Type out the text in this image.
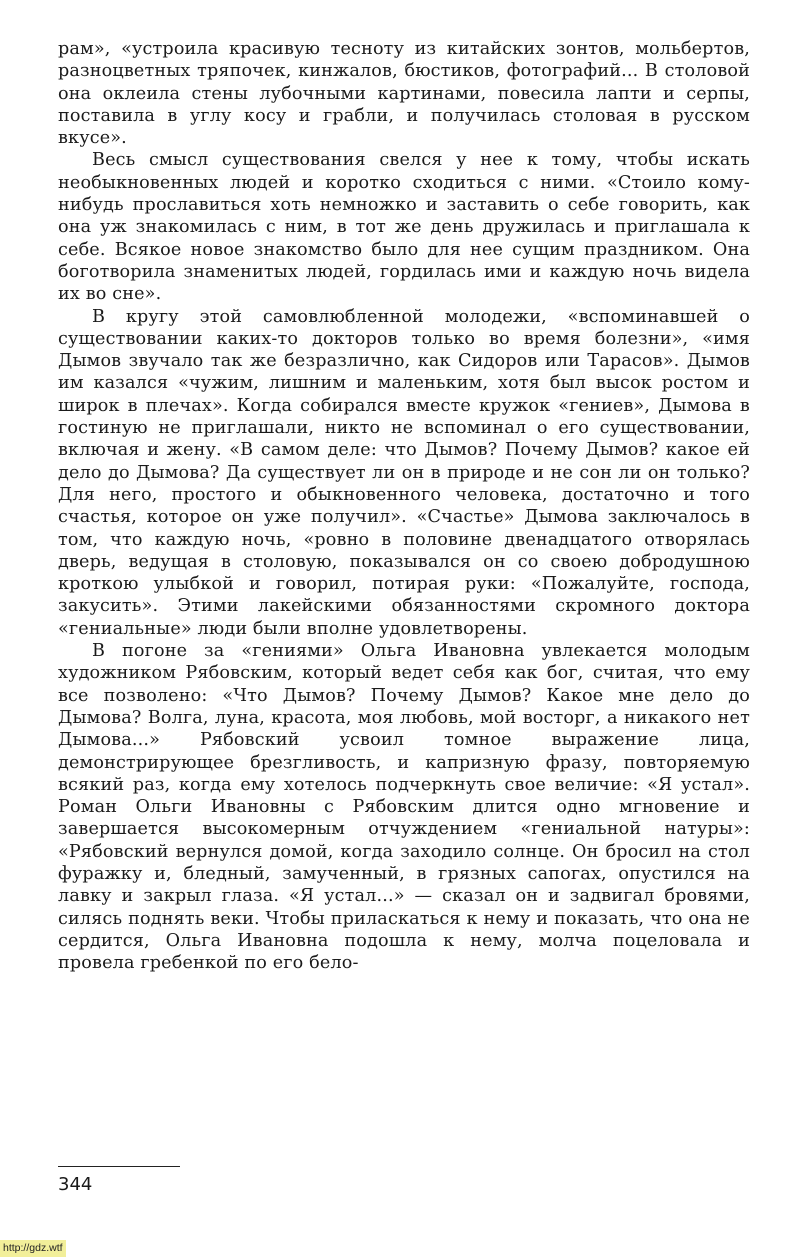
рам», «устроила красивую тесноту из китайских зонтов, мольбертов, разноцветных тряпочек, кинжалов, бюстиков, фотографий... В столовой она оклеила стены лубочными картинами, повесила лапти и серпы, поставила в углу косу и грабли, и получилась столовая в русском вкусе».

Весь смысл существования свелся у нее к тому, чтобы искать необыкновенных людей и коротко сходиться с ними. «Стоило кому-нибудь прославиться хоть немножко и заставить о себе говорить, как она уж знакомилась с ним, в тот же день дружилась и приглашала к себе. Всякое новое знакомство было для нее сущим праздником. Она боготворила знаменитых людей, гордилась ими и каждую ночь видела их во сне».

В кругу этой самовлюбленной молодежи, «вспоминавшей о существовании каких-то докторов только во время болезни», «имя Дымов звучало так же безразлично, как Сидоров или Тарасов». Дымов им казался «чужим, лишним и маленьким, хотя был высок ростом и широк в плечах». Когда собирался вместе кружок «гениев», Дымова в гостиную не приглашали, никто не вспоминал о его существовании, включая и жену. «В самом деле: что Дымов? Почему Дымов? какое ей дело до Дымова? Да существует ли он в природе и не сон ли он только? Для него, простого и обыкновенного человека, достаточно и того счастья, которое он уже получил». «Счастье» Дымова заключалось в том, что каждую ночь, «ровно в половине двенадцатого отворялась дверь, ведущая в столовую, показывался он со своею добродушною кроткою улыбкой и говорил, потирая руки: «Пожалуйте, господа, закусить». Этими лакейскими обязанностями скромного доктора «гениальные» люди были вполне удовлетворены.

В погоне за «гениями» Ольга Ивановна увлекается молодым художником Рябовским, который ведет себя как бог, считая, что ему все позволено: «Что Дымов? Почему Дымов? Какое мне дело до Дымова? Волга, луна, красота, моя любовь, мой восторг, а никакого нет Дымова...» Рябовский усвоил томное выражение лица, демонстрирующее брезгливость, и капризную фразу, повторяемую всякий раз, когда ему хотелось подчеркнуть свое величие: «Я устал». Роман Ольги Ивановны с Рябовским длится одно мгновение и завершается высокомерным отчуждением «гениальной натуры»: «Рябовский вернулся домой, когда заходило солнце. Он бросил на стол фуражку и, бледный, замученный, в грязных сапогах, опустился на лавку и закрыл глаза. «Я устал...» — сказал он и задвигал бровями, силясь поднять веки. Чтобы приласкаться к нему и показать, что она не сердится, Ольга Ивановна подошла к нему, молча поцеловала и провела гребенкой по его бело-

344
http://gdz.wtf
